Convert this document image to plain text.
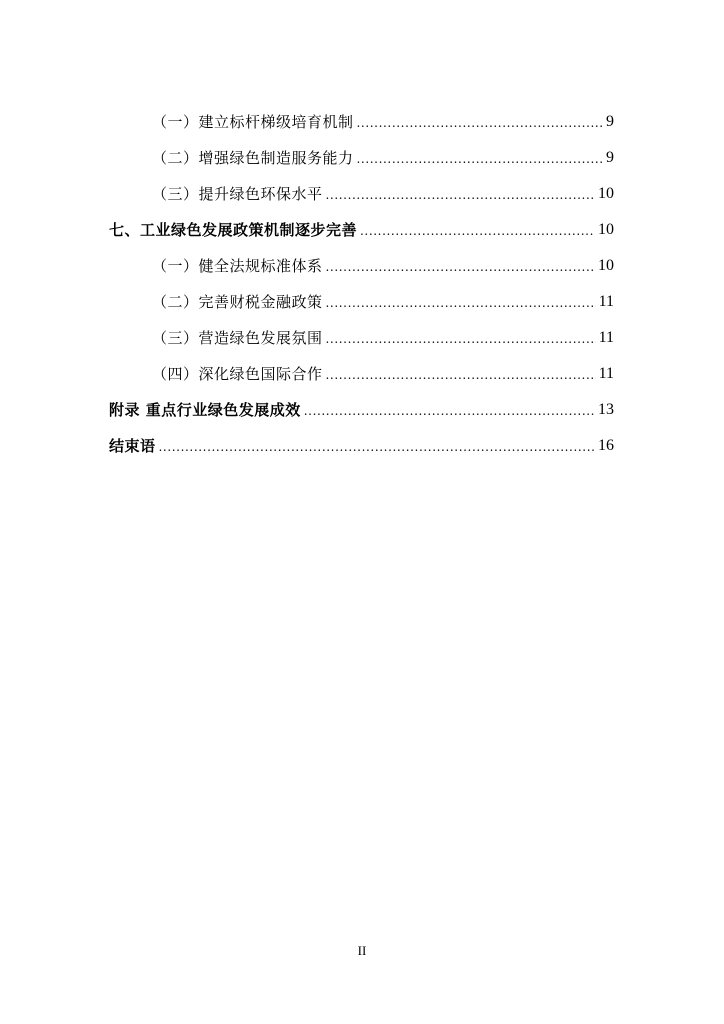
（一）建立标杆梯级培育机制 .....	9
（二）增强绿色制造服务能力 .....	9
（三）提升绿色环保水平 .....	10
七、工业绿色发展政策机制逐步完善 .....	10
（一）健全法规标准体系 .....	10
（二）完善财税金融政策 .....	11
（三）营造绿色发展氛围 .....	11
（四）深化绿色国际合作 .....	11
附录 重点行业绿色发展成效 .....	13
结束语 .....	16
II
